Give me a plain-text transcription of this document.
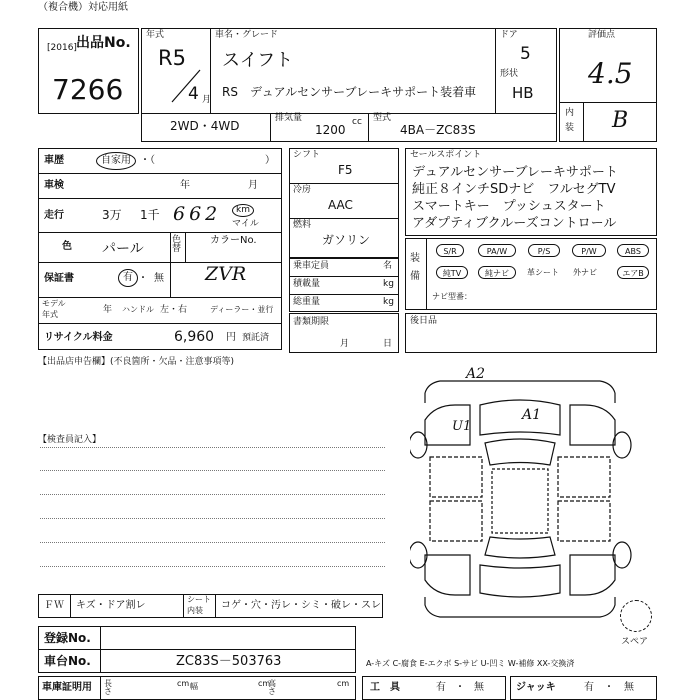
（複合機）対応用紙
[2016] 出品No.
7266
年式
R5
4 月
車名・グレード
スイフト
RS デュアルセンサーブレーキサポート装着車
ドア
5
形状
HB
2WD・4WD
排気量	cc
1200
型式
4BA－ZC83S
評価点
4.5
内
装 B
車歴	自家用 ・（　　　　　　　　　　　）
車検	年	月
走行	3万 1千 662	km
マイル
色 パール
色替
カラーNo.
ZVR
保証書	有 ・ 無
モデル
年式	年 ハンドル 左・右	ディーラー・並行
リサイクル料金	6,960 円 預託済
シフト
F5
冷房
AAC
燃料
ガソリン
乗車定員	名
積載量	kg
総重量	kg
書類期限
月	日
セールスポイント
デュアルセンサーブレーキサポート
純正８インチSDナビ　フルセグTV
スマートキー　プッシュスタート
アダプティブクルーズコントロール
装
備
S/R	PA/W	P/S	P/W	ABS
純TV	純ナビ	革シート 外ナビ	エアB
ナビ型番：
後日品
【出品店申告欄】(不良箇所・欠品・注意事項等)
【検査員記入】
A2
A1
U1
スペア
ＦＷ キズ・ドア割レ
シート
内装 コゲ・穴・汚レ・シミ・破レ・スレ
登録No.
車台No.	ZC83S－503763	A-キズ C-腐食 E-エクボ S-サビ U-凹ミ W-補修 XX-交換済
車庫証明用 長さ
cm 幅	cm
高さ
cm 工　具	有 ・ 無	ジャッキ	有 ・ 無
